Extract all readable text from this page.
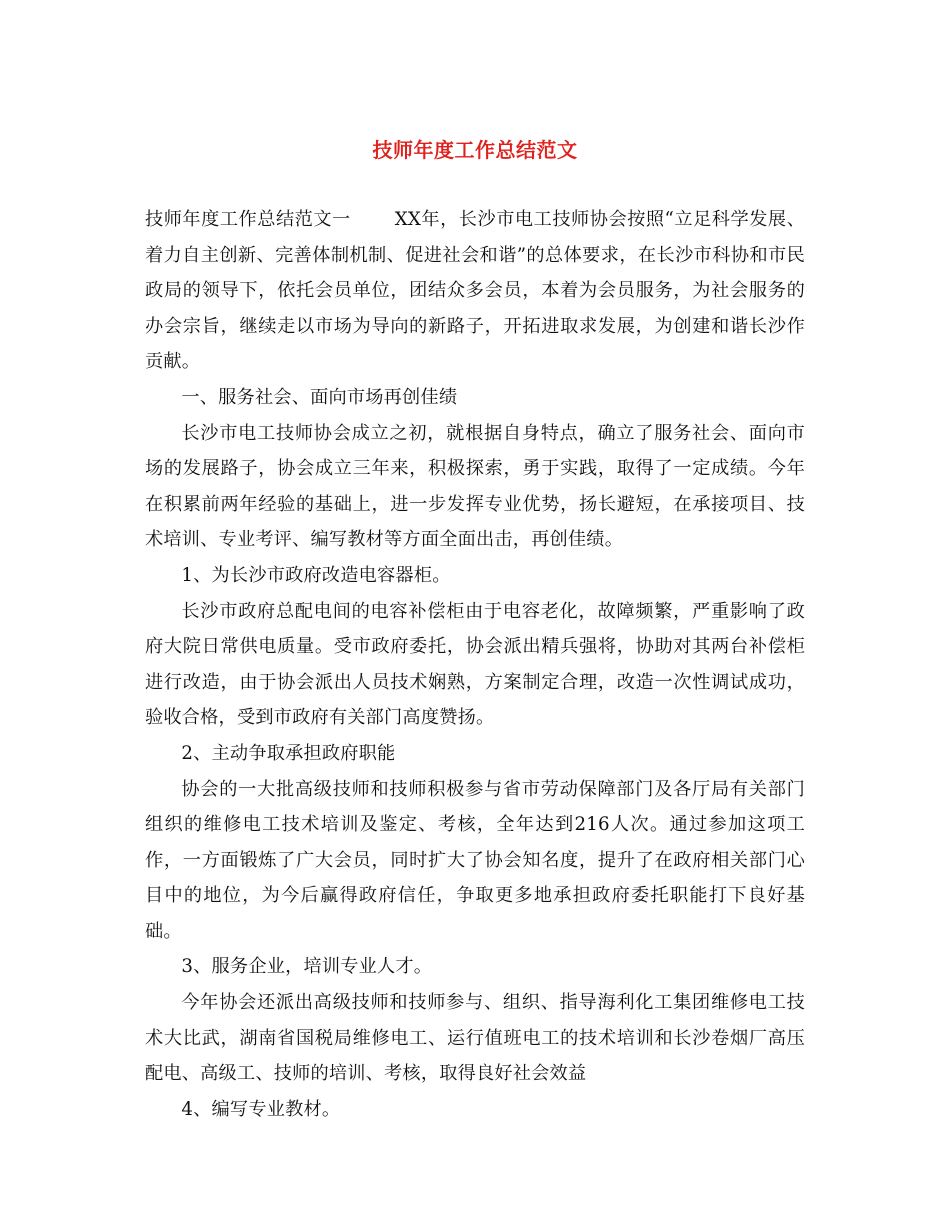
技师年度工作总结范文

技师年度工作总结范文一 XX年，长沙市电工技师协会按照“立足科学发展、着力自主创新、完善体制机制、促进社会和谐”的总体要求，在长沙市科协和市民政局的领导下，依托会员单位，团结众多会员，本着为会员服务，为社会服务的办会宗旨，继续走以市场为导向的新路子，开拓进取求发展，为创建和谐长沙作贡献。

一、服务社会、面向市场再创佳绩

长沙市电工技师协会成立之初，就根据自身特点，确立了服务社会、面向市场的发展路子，协会成立三年来，积极探索，勇于实践，取得了一定成绩。今年在积累前两年经验的基础上，进一步发挥专业优势，扬长避短，在承接项目、技术培训、专业考评、编写教材等方面全面出击，再创佳绩。

1、为长沙市政府改造电容器柜。

长沙市政府总配电间的电容补偿柜由于电容老化，故障频繁，严重影响了政府大院日常供电质量。受市政府委托，协会派出精兵强将，协助对其两台补偿柜进行改造，由于协会派出人员技术娴熟，方案制定合理，改造一次性调试成功，验收合格，受到市政府有关部门高度赞扬。

2、主动争取承担政府职能

协会的一大批高级技师和技师积极参与省市劳动保障部门及各厅局有关部门组织的维修电工技术培训及鉴定、考核，全年达到216人次。通过参加这项工作，一方面锻炼了广大会员，同时扩大了协会知名度，提升了在政府相关部门心目中的地位，为今后赢得政府信任，争取更多地承担政府委托职能打下良好基础。

3、服务企业，培训专业人才。

今年协会还派出高级技师和技师参与、组织、指导海利化工集团维修电工技术大比武，湖南省国税局维修电工、运行值班电工的技术培训和长沙卷烟厂高压配电、高级工、技师的培训、考核，取得良好社会效益

4、编写专业教材。
